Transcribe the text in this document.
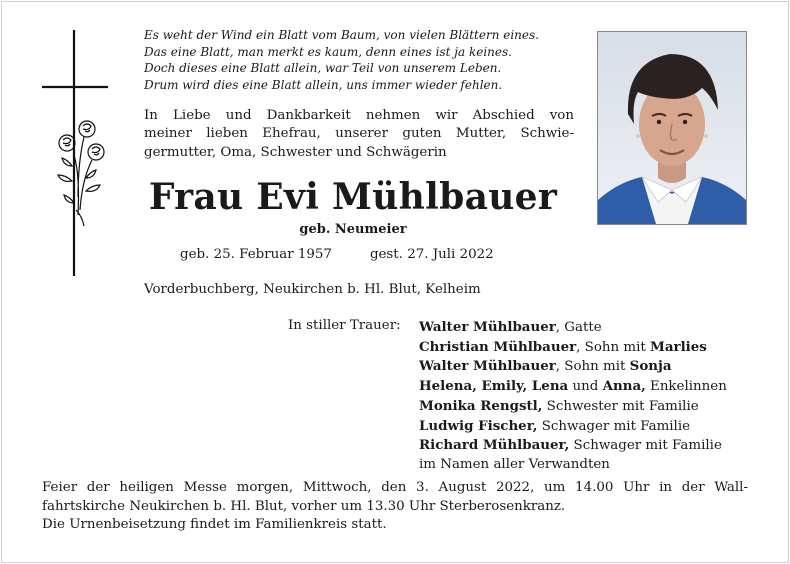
Es weht der Wind ein Blatt vom Baum, von vielen Blättern eines.
Das eine Blatt, man merkt es kaum, denn eines ist ja keines.
Doch dieses eine Blatt allein, war Teil von unserem Leben.
Drum wird dies eine Blatt allein, uns immer wieder fehlen.
In Liebe und Dankbarkeit nehmen wir Abschied von
meiner lieben Ehefrau, unserer guten Mutter, Schwie-
germutter, Oma, Schwester und Schwägerin
Frau Evi Mühlbauer
geb. Neumeier
geb. 25. Februar 1957	gest. 27. Juli 2022
Vorderbuchberg, Neukirchen b. Hl. Blut, Kelheim
In stiller Trauer: Walter Mühlbauer, Gatte
Christian Mühlbauer, Sohn mit Marlies
Walter Mühlbauer, Sohn mit Sonja
Helena, Emily, Lena und Anna, Enkelinnen
Monika Rengstl, Schwester mit Familie
Ludwig Fischer, Schwager mit Familie
Richard Mühlbauer, Schwager mit Familie
im Namen aller Verwandten
Feier der heiligen Messe morgen, Mittwoch, den 3. August 2022, um 14.00 Uhr in der Wall-
fahrtskirche Neukirchen b. Hl. Blut, vorher um 13.30 Uhr Sterberosenkranz.
Die Urnenbeisetzung findet im Familienkreis statt.
